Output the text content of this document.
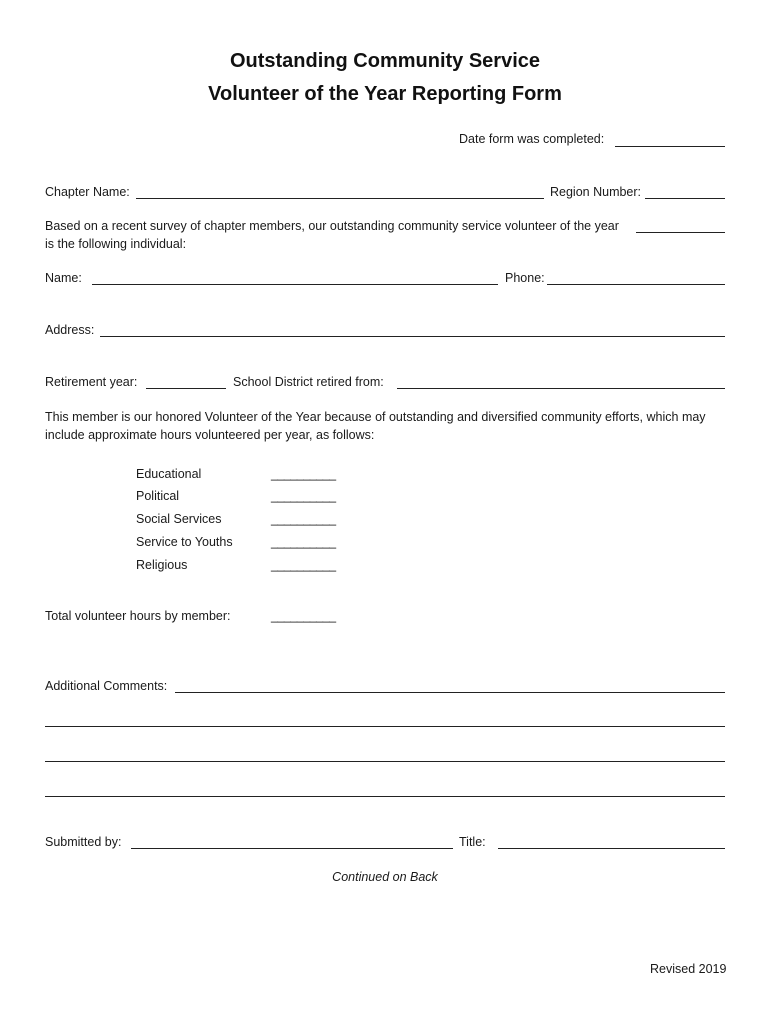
Outstanding Community Service
Volunteer of the Year Reporting Form
Date form was completed:
Chapter Name:	Region Number:
Based on a recent survey of chapter members, our outstanding community service volunteer of the year
is the following individual:
Name:	Phone:
Address:
Retirement year:	School District retired from:
This member is our honored Volunteer of the Year because of outstanding and diversified community efforts, which may
include approximate hours volunteered per year, as follows:
Educational	__________
Political	__________
Social Services	__________
Service to Youths	__________
Religious	__________
Total volunteer hours by member:	__________
Additional Comments:
Submitted by:	Title:
Continued on Back
Revised 2019
